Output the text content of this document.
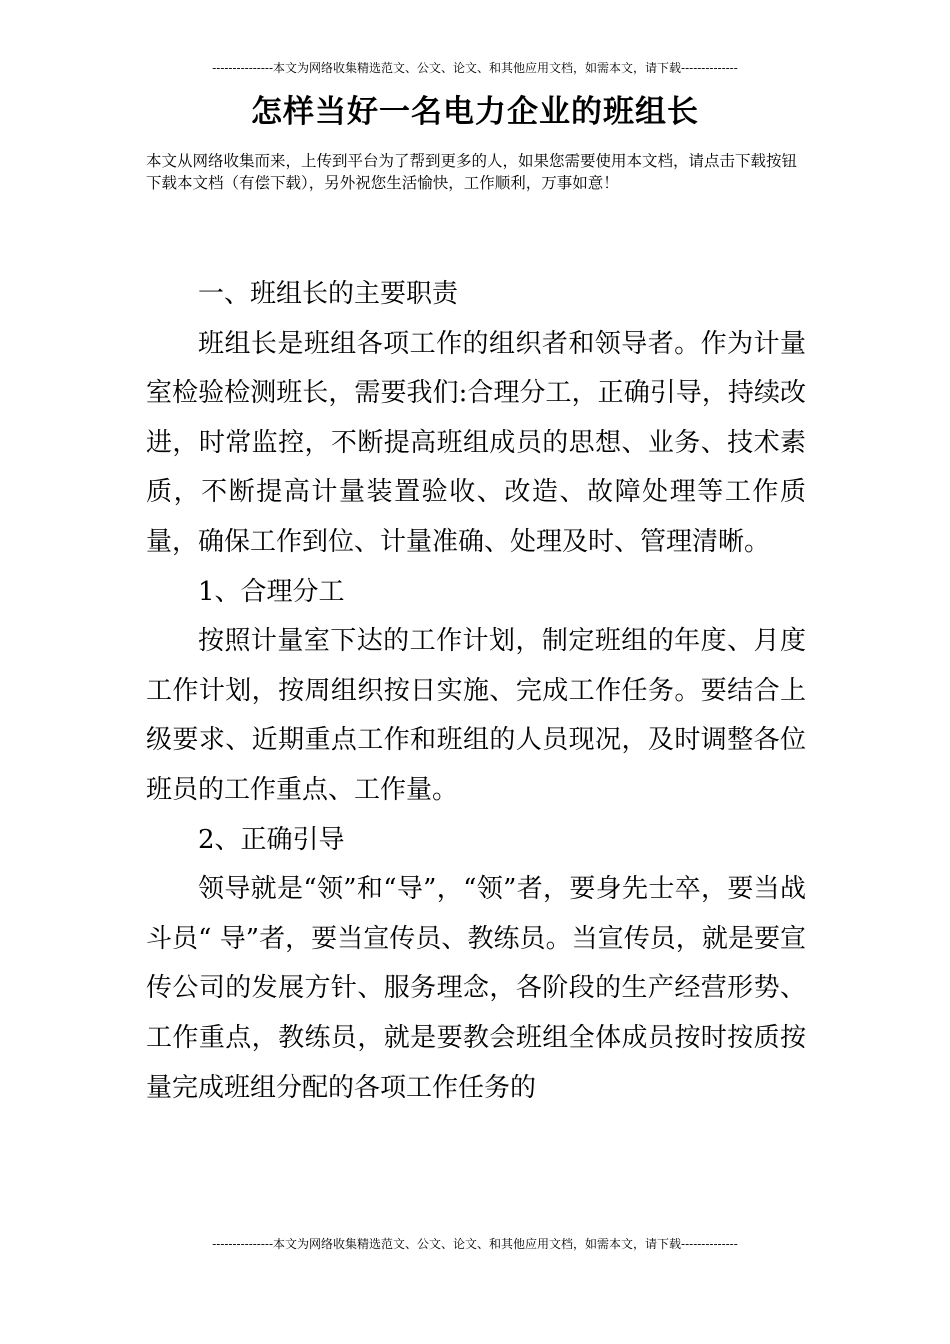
---------------本文为网络收集精选范文、公文、论文、和其他应用文档，如需本文，请下载--------------
怎样当好一名电力企业的班组长
本文从网络收集而来，上传到平台为了帮到更多的人，如果您需要使用本文档，请点击下载按钮下载本文档（有偿下载），另外祝您生活愉快，工作顺利，万事如意！

一、班组长的主要职责

班组长是班组各项工作的组织者和领导者。作为计量室检验检测班长，需要我们:合理分工，正确引导，持续改进，时常监控，不断提高班组成员的思想、业务、技术素质，不断提高计量装置验收、改造、故障处理等工作质量，确保工作到位、计量准确、处理及时、管理清晰。

1、合理分工

按照计量室下达的工作计划，制定班组的年度、月度工作计划，按周组织按日实施、完成工作任务。要结合上级要求、近期重点工作和班组的人员现况，及时调整各位班员的工作重点、工作量。

2、正确引导

领导就是“领”和“导”，“领”者，要身先士卒，要当战斗员“ 导”者，要当宣传员、教练员。当宣传员，就是要宣传公司的发展方针、服务理念，各阶段的生产经营形势、工作重点，教练员，就是要教会班组全体成员按时按质按量完成班组分配的各项工作任务的

---------------本文为网络收集精选范文、公文、论文、和其他应用文档，如需本文，请下载--------------
